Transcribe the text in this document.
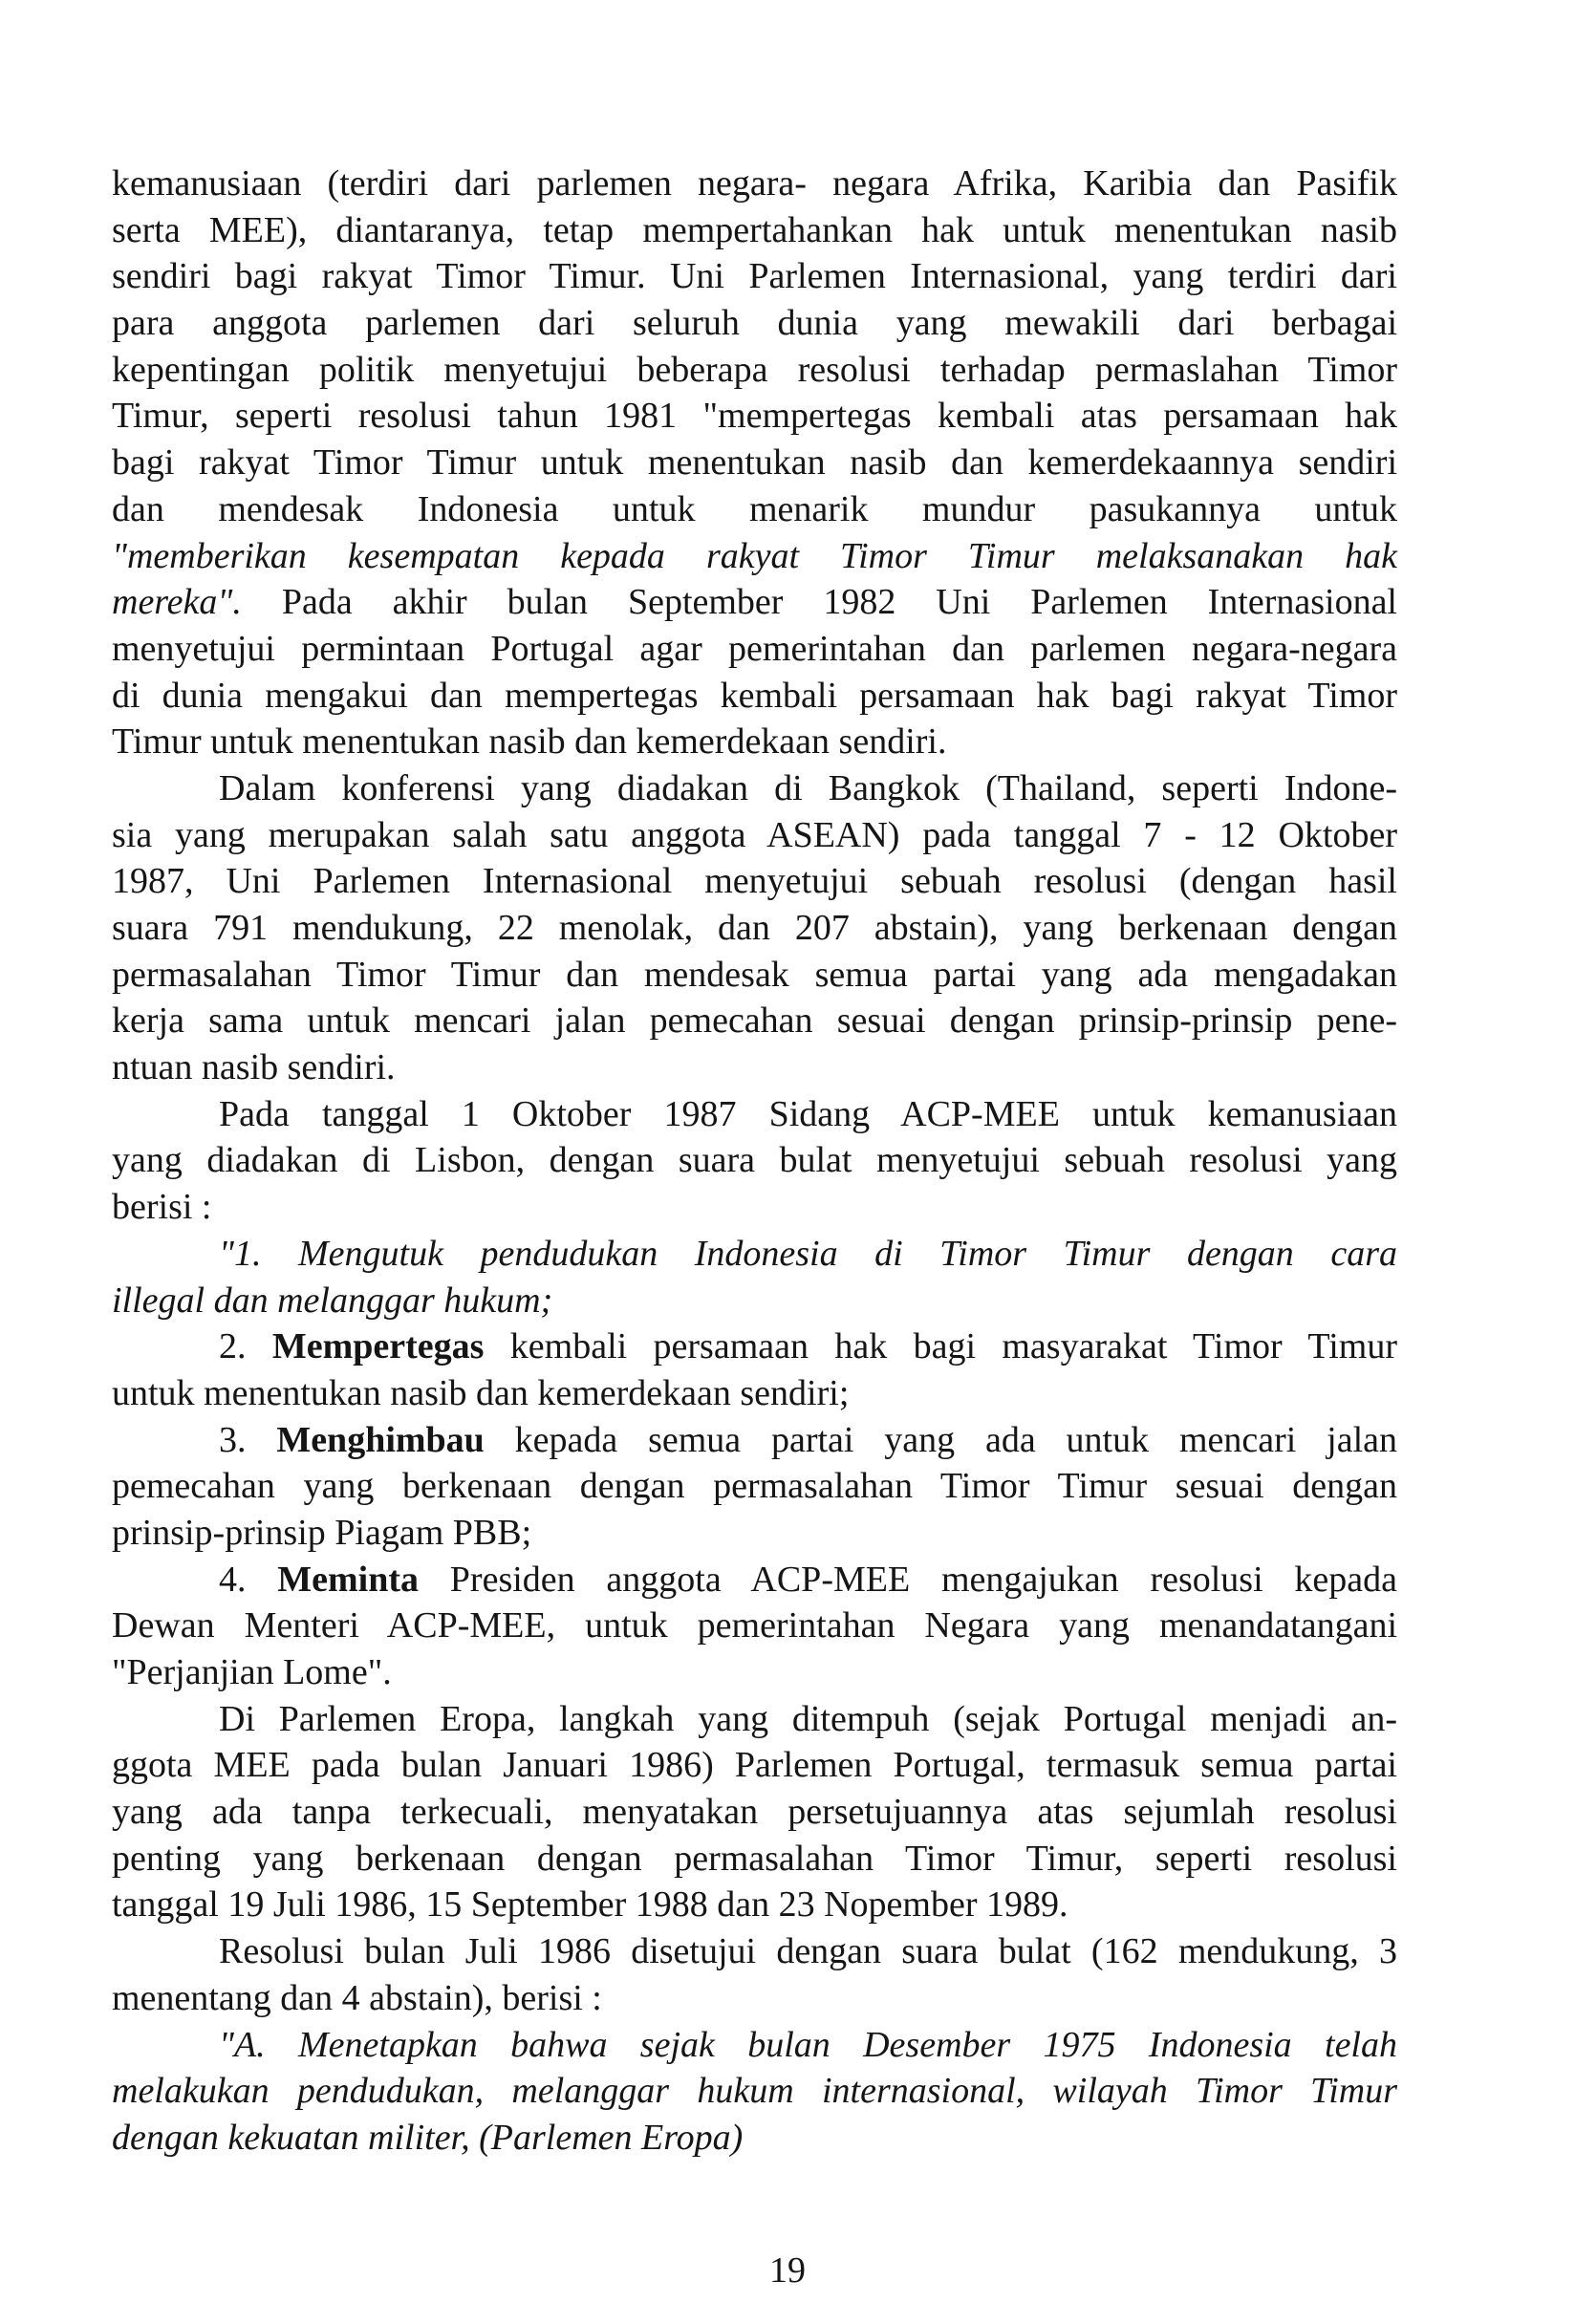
kemanusiaan (terdiri dari parlemen negara- negara Afrika, Karibia dan Pasifik
serta MEE), diantaranya, tetap mempertahankan hak untuk menentukan nasib
sendiri bagi rakyat Timor Timur. Uni Parlemen Internasional, yang terdiri dari
para anggota parlemen dari seluruh dunia yang mewakili dari berbagai
kepentingan politik menyetujui beberapa resolusi terhadap permaslahan Timor
Timur, seperti resolusi tahun 1981 "mempertegas kembali atas persamaan hak
bagi rakyat Timor Timur untuk menentukan nasib dan kemerdekaannya sendiri
dan mendesak Indonesia untuk menarik mundur pasukannya untuk
"memberikan kesempatan kepada rakyat Timor Timur melaksanakan hak
mereka". Pada akhir bulan September 1982 Uni Parlemen Internasional
menyetujui permintaan Portugal agar pemerintahan dan parlemen negara-negara
di dunia mengakui dan mempertegas kembali persamaan hak bagi rakyat Timor
Timur untuk menentukan nasib dan kemerdekaan sendiri.
Dalam konferensi yang diadakan di Bangkok (Thailand, seperti Indone-
sia yang merupakan salah satu anggota ASEAN) pada tanggal 7 - 12 Oktober
1987, Uni Parlemen Internasional menyetujui sebuah resolusi (dengan hasil
suara 791 mendukung, 22 menolak, dan 207 abstain), yang berkenaan dengan
permasalahan Timor Timur dan mendesak semua partai yang ada mengadakan
kerja sama untuk mencari jalan pemecahan sesuai dengan prinsip-prinsip pene-
ntuan nasib sendiri.
Pada tanggal 1 Oktober 1987 Sidang ACP-MEE untuk kemanusiaan
yang diadakan di Lisbon, dengan suara bulat menyetujui sebuah resolusi yang
berisi :
"1. Mengutuk pendudukan Indonesia di Timor Timur dengan cara
illegal dan melanggar hukum;
2. Mempertegas kembali persamaan hak bagi masyarakat Timor Timur
untuk menentukan nasib dan kemerdekaan sendiri;
3. Menghimbau kepada semua partai yang ada untuk mencari jalan
pemecahan yang berkenaan dengan permasalahan Timor Timur sesuai dengan
prinsip-prinsip Piagam PBB;
4. Meminta Presiden anggota ACP-MEE mengajukan resolusi kepada
Dewan Menteri ACP-MEE, untuk pemerintahan Negara yang menandatangani
"Perjanjian Lome".
Di Parlemen Eropa, langkah yang ditempuh (sejak Portugal menjadi an-
ggota MEE pada bulan Januari 1986) Parlemen Portugal, termasuk semua partai
yang ada tanpa terkecuali, menyatakan persetujuannya atas sejumlah resolusi
penting yang berkenaan dengan permasalahan Timor Timur, seperti resolusi
tanggal 19 Juli 1986, 15 September 1988 dan 23 Nopember 1989.
Resolusi bulan Juli 1986 disetujui dengan suara bulat (162 mendukung, 3
menentang dan 4 abstain), berisi :
"A. Menetapkan bahwa sejak bulan Desember 1975 Indonesia telah
melakukan pendudukan, melanggar hukum internasional, wilayah Timor Timur
dengan kekuatan militer, (Parlemen Eropa)
19
